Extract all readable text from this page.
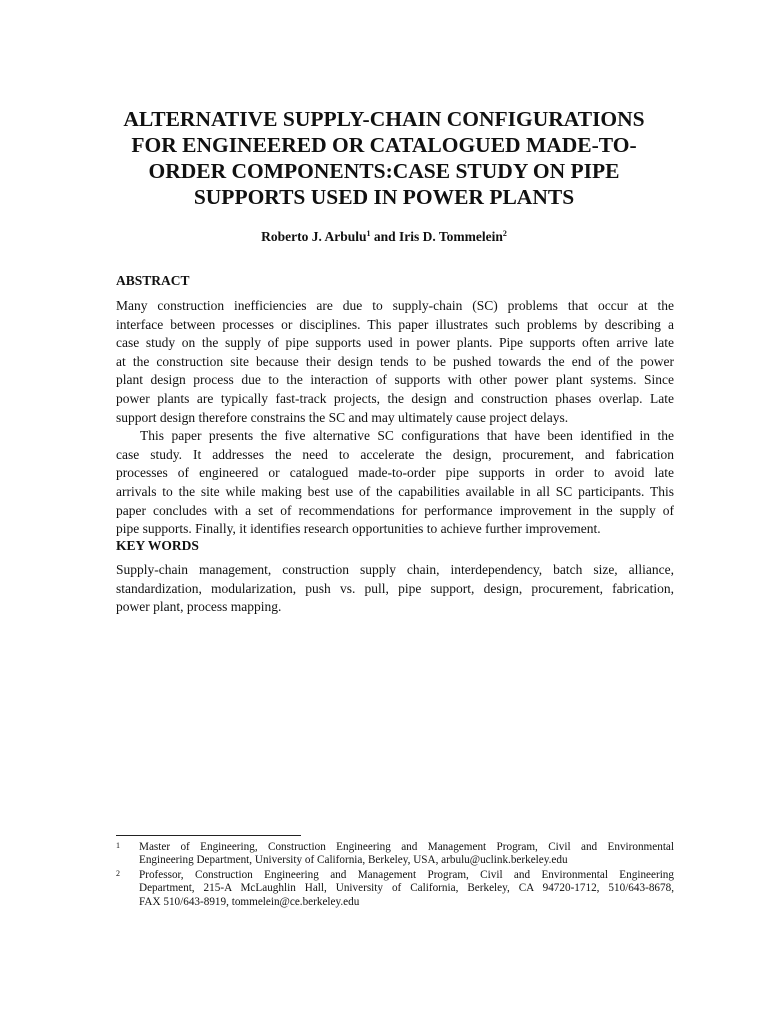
ALTERNATIVE SUPPLY-CHAIN CONFIGURATIONS
FOR ENGINEERED OR CATALOGUED MADE-TO-
ORDER COMPONENTS:CASE STUDY ON PIPE
SUPPORTS USED IN POWER PLANTS
Roberto J. Arbulu$^1$ and Iris D. Tommelein$^2$
ABSTRACT
Many construction inefficiencies are due to supply-chain (SC) problems that occur at the
interface between processes or disciplines. This paper illustrates such problems by describing a
case study on the supply of pipe supports used in power plants. Pipe supports often arrive late
at the construction site because their design tends to be pushed towards the end of the power
plant design process due to the interaction of supports with other power plant systems. Since
power plants are typically fast-track projects, the design and construction phases overlap. Late
support design therefore constrains the SC and may ultimately cause project delays.
This paper presents the five alternative SC configurations that have been identified in the
case study. It addresses the need to accelerate the design, procurement, and fabrication
processes of engineered or catalogued made-to-order pipe supports in order to avoid late
arrivals to the site while making best use of the capabilities available in all SC participants. This
paper concludes with a set of recommendations for performance improvement in the supply of
pipe supports. Finally, it identifies research opportunities to achieve further improvement.
KEY WORDS
Supply-chain management, construction supply chain, interdependency, batch size, alliance,
standardization, modularization, push vs. pull, pipe support, design, procurement, fabrication,
power plant, process mapping.
1 Master of Engineering, Construction Engineering and Management Program, Civil and Environmental
Engineering Department, University of California, Berkeley, USA, arbulu@uclink.berkeley.edu
2 Professor, Construction Engineering and Management Program, Civil and Environmental Engineering
Department, 215-A McLaughlin Hall, University of California, Berkeley, CA 94720-1712, 510/643-8678,
FAX 510/643-8919, tommelein@ce.berkeley.edu
